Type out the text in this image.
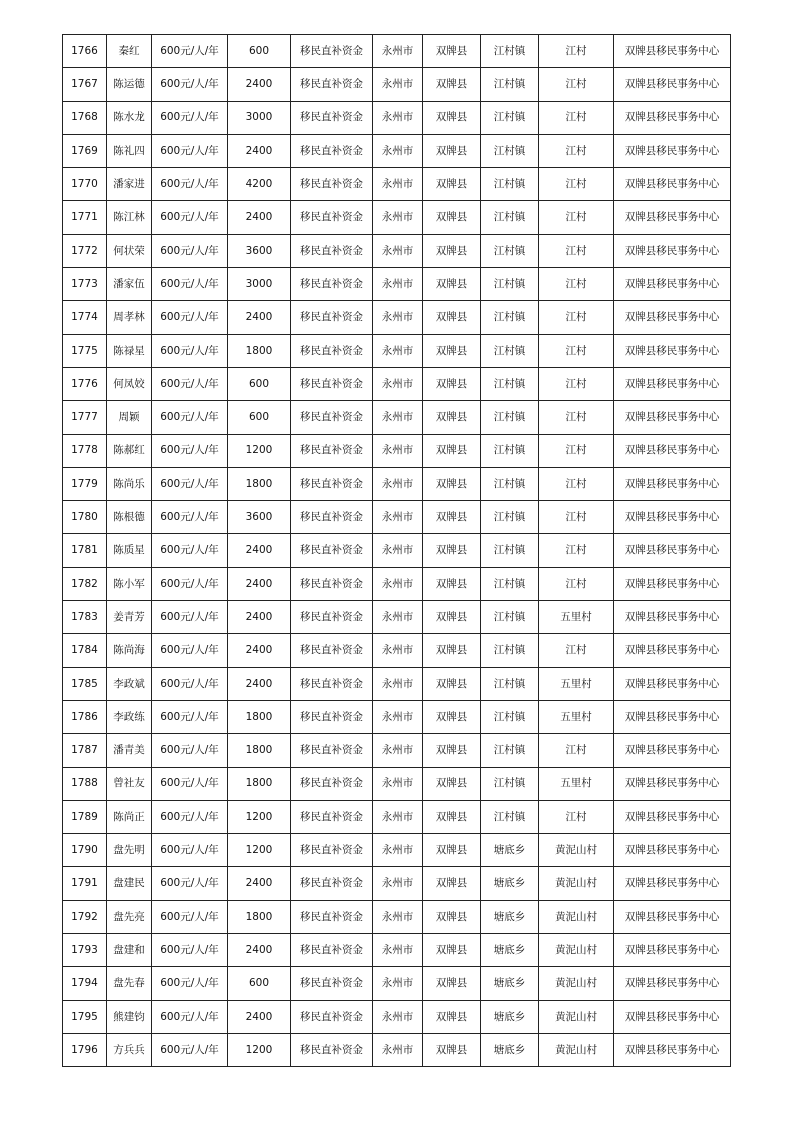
1766	秦红	600元/人/年	600	移民直补资金	永州市	双牌县	江村镇	江村	双牌县移民事务中心
1767	陈运德	600元/人/年	2400	移民直补资金	永州市	双牌县	江村镇	江村	双牌县移民事务中心
1768	陈水龙	600元/人/年	3000	移民直补资金	永州市	双牌县	江村镇	江村	双牌县移民事务中心
1769	陈礼四	600元/人/年	2400	移民直补资金	永州市	双牌县	江村镇	江村	双牌县移民事务中心
1770	潘家进	600元/人/年	4200	移民直补资金	永州市	双牌县	江村镇	江村	双牌县移民事务中心
1771	陈江林	600元/人/年	2400	移民直补资金	永州市	双牌县	江村镇	江村	双牌县移民事务中心
1772	何状荣	600元/人/年	3600	移民直补资金	永州市	双牌县	江村镇	江村	双牌县移民事务中心
1773	潘家伍	600元/人/年	3000	移民直补资金	永州市	双牌县	江村镇	江村	双牌县移民事务中心
1774	周孝林	600元/人/年	2400	移民直补资金	永州市	双牌县	江村镇	江村	双牌县移民事务中心
1775	陈禄星	600元/人/年	1800	移民直补资金	永州市	双牌县	江村镇	江村	双牌县移民事务中心
1776	何凤姣	600元/人/年	600	移民直补资金	永州市	双牌县	江村镇	江村	双牌县移民事务中心
1777	周颖	600元/人/年	600	移民直补资金	永州市	双牌县	江村镇	江村	双牌县移民事务中心
1778	陈郝红	600元/人/年	1200	移民直补资金	永州市	双牌县	江村镇	江村	双牌县移民事务中心
1779	陈尚乐	600元/人/年	1800	移民直补资金	永州市	双牌县	江村镇	江村	双牌县移民事务中心
1780	陈根德	600元/人/年	3600	移民直补资金	永州市	双牌县	江村镇	江村	双牌县移民事务中心
1781	陈质星	600元/人/年	2400	移民直补资金	永州市	双牌县	江村镇	江村	双牌县移民事务中心
1782	陈小军	600元/人/年	2400	移民直补资金	永州市	双牌县	江村镇	江村	双牌县移民事务中心
1783	姜青芳	600元/人/年	2400	移民直补资金	永州市	双牌县	江村镇	五里村	双牌县移民事务中心
1784	陈尚海	600元/人/年	2400	移民直补资金	永州市	双牌县	江村镇	江村	双牌县移民事务中心
1785	李政斌	600元/人/年	2400	移民直补资金	永州市	双牌县	江村镇	五里村	双牌县移民事务中心
1786	李政练	600元/人/年	1800	移民直补资金	永州市	双牌县	江村镇	五里村	双牌县移民事务中心
1787	潘青美	600元/人/年	1800	移民直补资金	永州市	双牌县	江村镇	江村	双牌县移民事务中心
1788	曾社友	600元/人/年	1800	移民直补资金	永州市	双牌县	江村镇	五里村	双牌县移民事务中心
1789	陈尚正	600元/人/年	1200	移民直补资金	永州市	双牌县	江村镇	江村	双牌县移民事务中心
1790	盘先明	600元/人/年	1200	移民直补资金	永州市	双牌县	塘底乡	黄泥山村	双牌县移民事务中心
1791	盘建民	600元/人/年	2400	移民直补资金	永州市	双牌县	塘底乡	黄泥山村	双牌县移民事务中心
1792	盘先亮	600元/人/年	1800	移民直补资金	永州市	双牌县	塘底乡	黄泥山村	双牌县移民事务中心
1793	盘建和	600元/人/年	2400	移民直补资金	永州市	双牌县	塘底乡	黄泥山村	双牌县移民事务中心
1794	盘先春	600元/人/年	600	移民直补资金	永州市	双牌县	塘底乡	黄泥山村	双牌县移民事务中心
1795	熊建钧	600元/人/年	2400	移民直补资金	永州市	双牌县	塘底乡	黄泥山村	双牌县移民事务中心
1796	方兵兵	600元/人/年	1200	移民直补资金	永州市	双牌县	塘底乡	黄泥山村	双牌县移民事务中心
